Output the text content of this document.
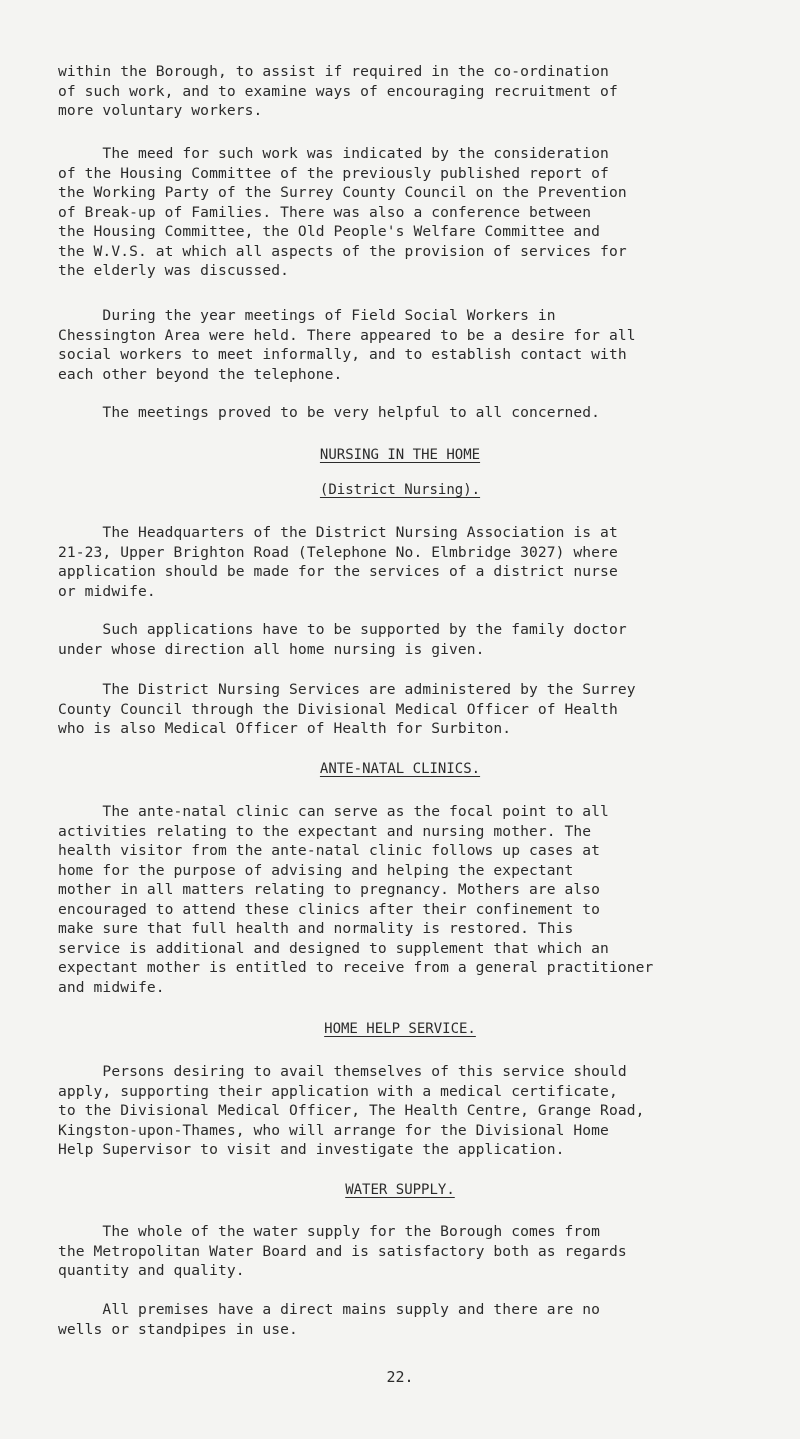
within the Borough, to assist if required in the co-ordination
of such work, and to examine ways of encouraging recruitment of
more voluntary workers.

The meed for such work was indicated by the consideration
of the Housing Committee of the previously published report of
the Working Party of the Surrey County Council on the Prevention
of Break-up of Families. There was also a conference between
the Housing Committee, the Old People's Welfare Committee and
the W.V.S. at which all aspects of the provision of services for
the elderly was discussed.

During the year meetings of Field Social Workers in
Chessington Area were held. There appeared to be a desire for all
social workers to meet informally, and to establish contact with
each other beyond the telephone.

The meetings proved to be very helpful to all concerned.

NURSING IN THE HOME

(District Nursing).

The Headquarters of the District Nursing Association is at
21-23, Upper Brighton Road (Telephone No. Elmbridge 3027) where
application should be made for the services of a district nurse
or midwife.

Such applications have to be supported by the family doctor
under whose direction all home nursing is given.

The District Nursing Services are administered by the Surrey
County Council through the Divisional Medical Officer of Health
who is also Medical Officer of Health for Surbiton.

ANTE-NATAL CLINICS.

The ante-natal clinic can serve as the focal point to all
activities relating to the expectant and nursing mother. The
health visitor from the ante-natal clinic follows up cases at
home for the purpose of advising and helping the expectant
mother in all matters relating to pregnancy. Mothers are also
encouraged to attend these clinics after their confinement to
make sure that full health and normality is restored. This
service is additional and designed to supplement that which an
expectant mother is entitled to receive from a general practitioner
and midwife.

HOME HELP SERVICE.

Persons desiring to avail themselves of this service should
apply, supporting their application with a medical certificate,
to the Divisional Medical Officer, The Health Centre, Grange Road,
Kingston-upon-Thames, who will arrange for the Divisional Home
Help Supervisor to visit and investigate the application.

WATER SUPPLY.

The whole of the water supply for the Borough comes from
the Metropolitan Water Board and is satisfactory both as regards
quantity and quality.

All premises have a direct mains supply and there are no
wells or standpipes in use.

22.
